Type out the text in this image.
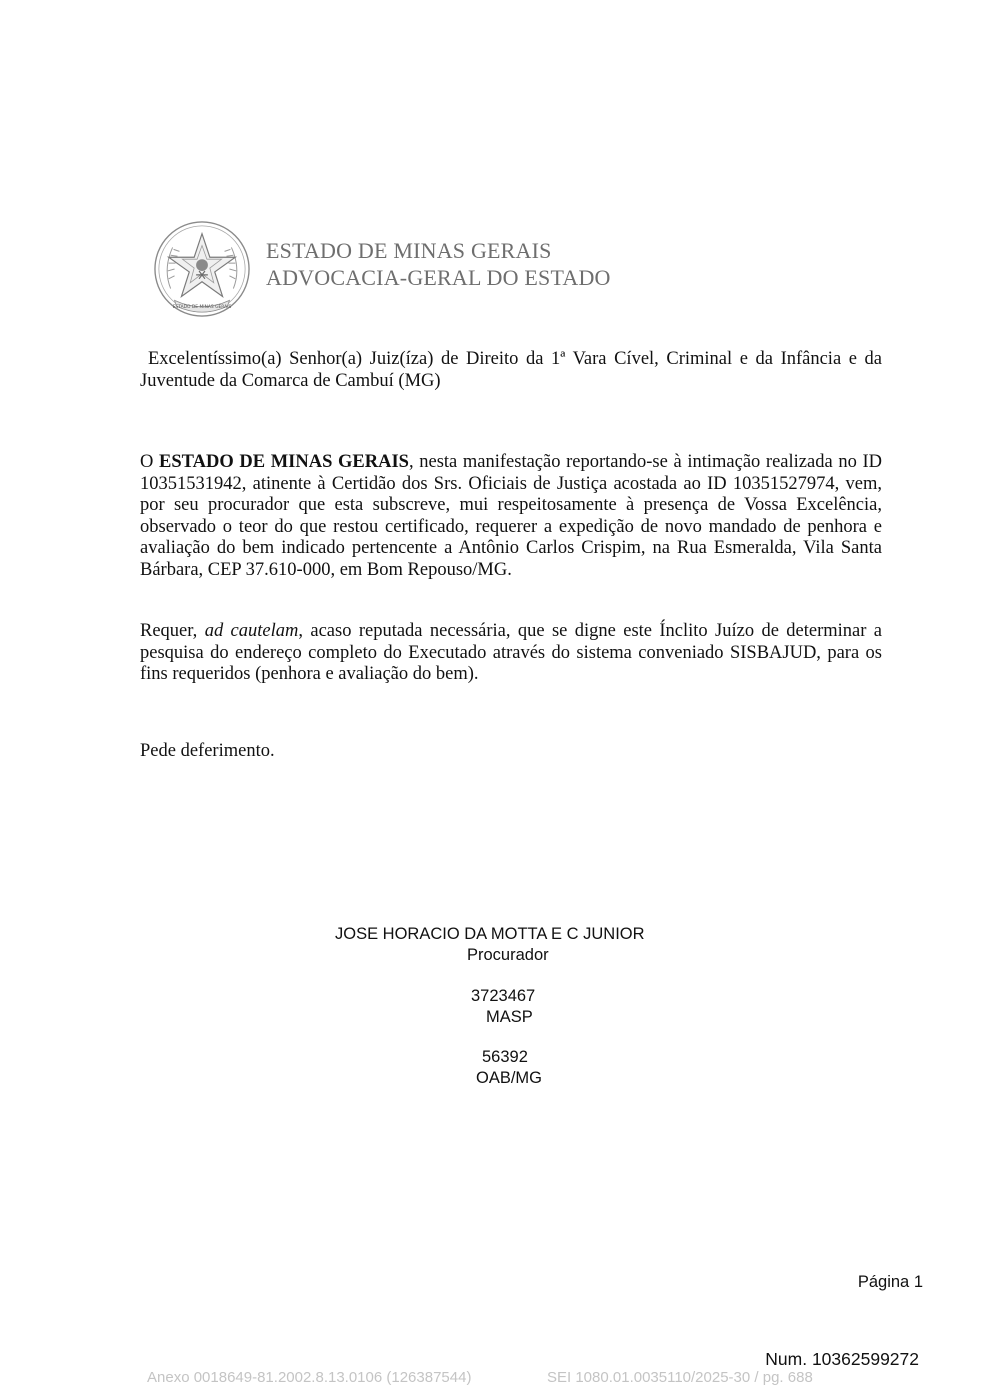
ESTADO DE MINAS GERAIS
ESTADO DE MINAS GERAIS
ADVOCACIA-GERAL DO ESTADO

Excelentíssimo(a) Senhor(a) Juiz(íza) de Direito da 1ª Vara Cível, Criminal e da Infância e da Juventude da Comarca de Cambuí (MG)

O ESTADO DE MINAS GERAIS, nesta manifestação reportando-se à intimação realizada no ID 10351531942, atinente à Certidão dos Srs. Oficiais de Justiça acostada ao ID 10351527974, vem, por seu procurador que esta subscreve, mui respeitosamente à presença de Vossa Excelência, observado o teor do que restou certificado, requerer a expedição de novo mandado de penhora e avaliação do bem indicado pertencente a Antônio Carlos Crispim, na Rua Esmeralda, Vila Santa Bárbara, CEP 37.610-000, em Bom Repouso/MG.

Requer, ad cautelam, acaso reputada necessária, que se digne este Ínclito Juízo de determinar a pesquisa do endereço completo do Executado através do sistema conveniado SISBAJUD, para os fins requeridos (penhora e avaliação do bem).

Pede deferimento.

JOSE HORACIO DA MOTTA E C JUNIOR
Procurador
3723467
MASP
56392
OAB/MG
Página 1
Num. 10362599272
Anexo 0018649-81.2002.8.13.0106 (126387544)	SEI 1080.01.0035110/2025-30 / pg. 688
